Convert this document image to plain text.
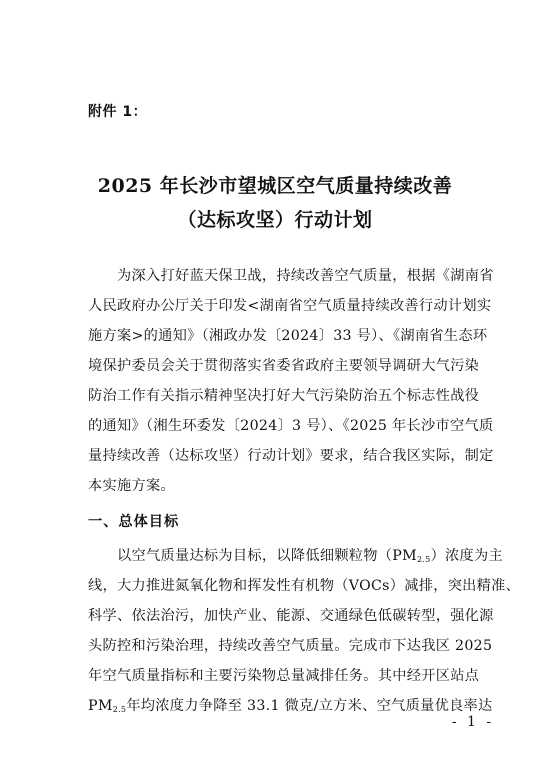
附件 1：
2025 年长沙市望城区空气质量持续改善
（达标攻坚）行动计划
为深入打好蓝天保卫战，持续改善空气质量，根据《湖南省
人民政府办公厅关于印发<湖南省空气质量持续改善行动计划实
施方案>的通知》（湘政办发〔2024〕33 号）、《湖南省生态环
境保护委员会关于贯彻落实省委省政府主要领导调研大气污染
防治工作有关指示精神坚决打好大气污染防治五个标志性战役
的通知》（湘生环委发〔2024〕3 号）、《2025 年长沙市空气质
量持续改善（达标攻坚）行动计划》要求，结合我区实际，制定
本实施方案。
一、总体目标
以空气质量达标为目标，以降低细颗粒物$(PM_{2.5})$浓度为主
线，大力推进氮氧化物和挥发性有机物（VOCs）减排，突出精准、
科学、依法治污，加快产业、能源、交通绿色低碳转型，强化源
头防控和污染治理，持续改善空气质量。完成市下达我区 2025
年空气质量指标和主要污染物总量减排任务。其中经开区站点
$PM_{2.5}$年均浓度力争降至 33.1 微克/立方米、空气质量优良率达
- 1 -
